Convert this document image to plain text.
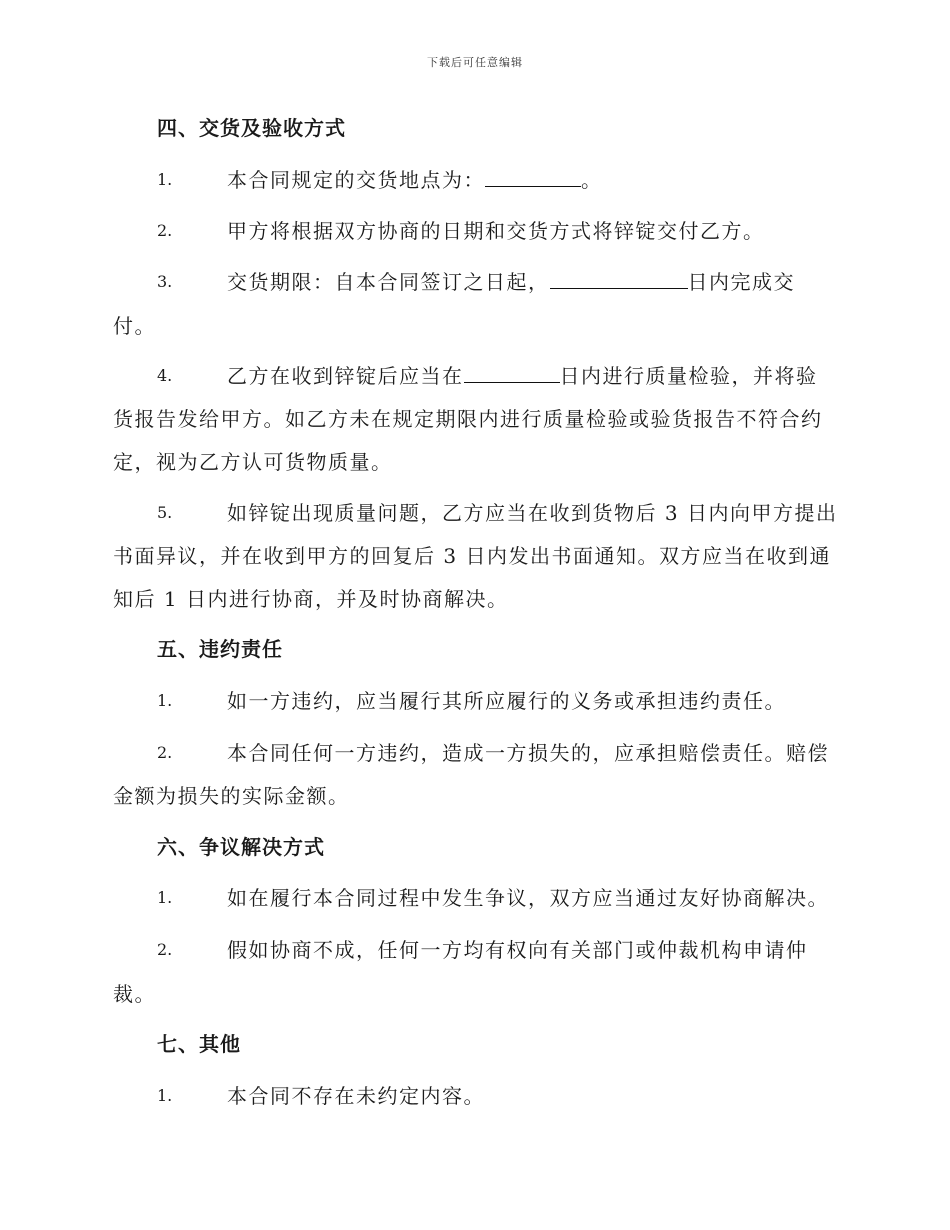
下载后可任意编辑
四、交货及验收方式
1.	本合同规定的交货地点为：	。
2.	甲方将根据双方协商的日期和交货方式将锌锭交付乙方。
3.	交货期限：自本合同签订之日起，	日内完成交
付。
4.	乙方在收到锌锭后应当在	日内进行质量检验，并将验
货报告发给甲方。如乙方未在规定期限内进行质量检验或验货报告不符合约
定，视为乙方认可货物质量。
5.	如锌锭出现质量问题，乙方应当在收到货物后 3 日内向甲方提出
书面异议，并在收到甲方的回复后 3 日内发出书面通知。双方应当在收到通
知后 1 日内进行协商，并及时协商解决。
五、违约责任
1.	如一方违约，应当履行其所应履行的义务或承担违约责任。
2.	本合同任何一方违约，造成一方损失的，应承担赔偿责任。赔偿
金额为损失的实际金额。
六、争议解决方式
1.	如在履行本合同过程中发生争议，双方应当通过友好协商解决。
2.	假如协商不成，任何一方均有权向有关部门或仲裁机构申请仲
裁。
七、其他
1.	本合同不存在未约定内容。
